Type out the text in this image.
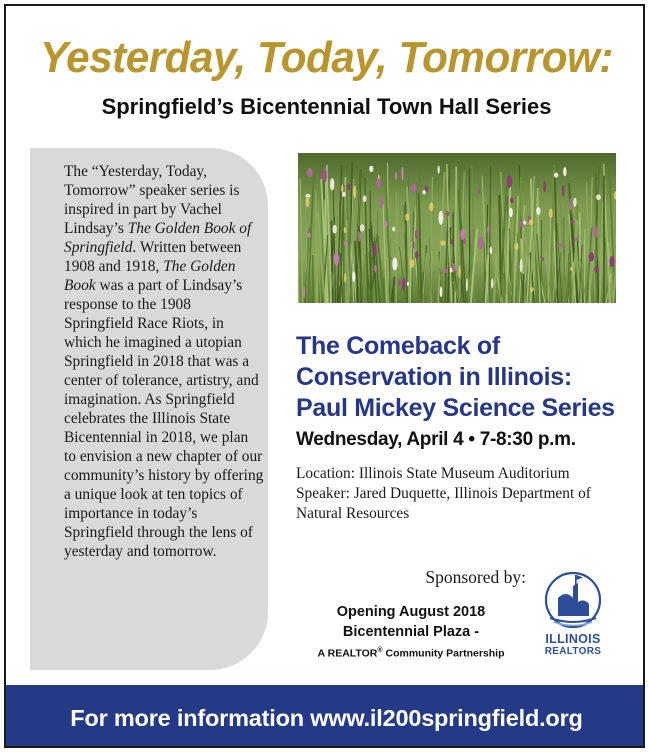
Yesterday, Today, Tomorrow:
Springfield’s Bicentennial Town Hall Series
The “Yesterday, Today, Tomorrow” speaker series is inspired in part by Vachel Lindsay’s The Golden Book of Springfield. Written between 1908 and 1918, The Golden Book was a part of Lindsay’s response to the 1908 Springfield Race Riots, in which he imagined a utopian Springfield in 2018 that was a center of tolerance, artistry, and imagination. As Springfield celebrates the Illinois State Bicentennial in 2018, we plan to envision a new chapter of our community’s history by offering a unique look at ten topics of importance in today’s Springfield through the lens of yesterday and tomorrow.
The Comeback of
Conservation in Illinois:
Paul Mickey Science Series
Wednesday, April 4 • 7-8:30 p.m.
Location: Illinois State Museum Auditorium
Speaker: Jared Duquette, Illinois Department of Natural Resources
Sponsored by:
Opening August 2018
Bicentennial Plaza -
A REALTOR® Community Partnership
ILLINOIS
REALTORS
For more information www.il200springfield.org
